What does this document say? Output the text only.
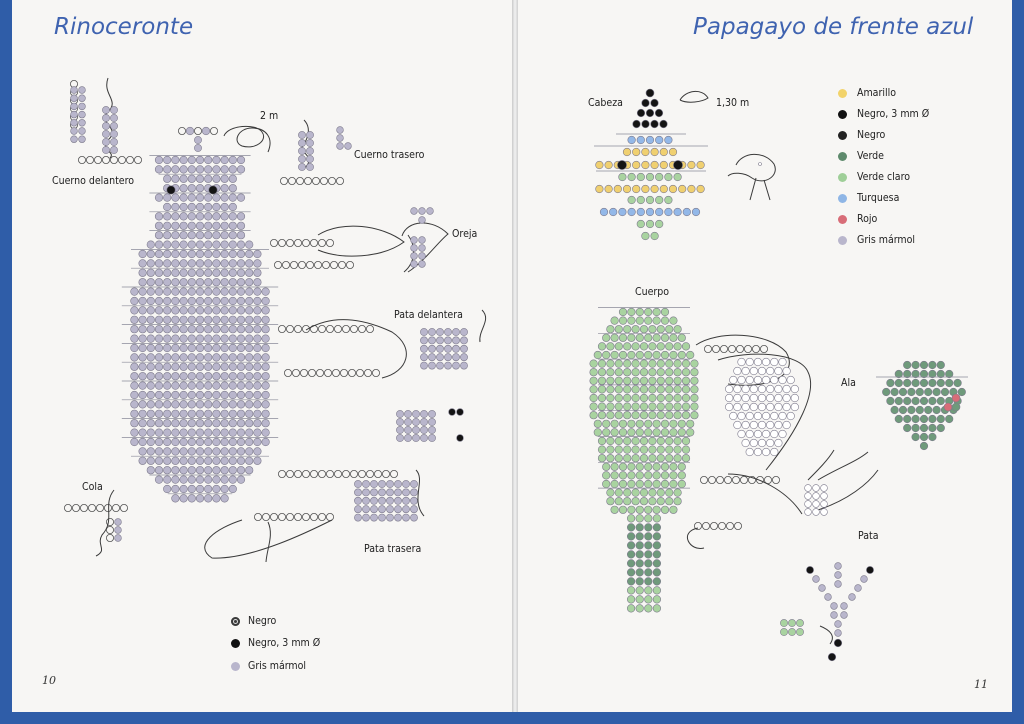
Rinoceronte
2 m
Cuerno delantero
Cuerno trasero
Oreja
Pata delantera
Cola
Pata trasera
Negro
Negro, 3 mm Ø
Gris mármol
10
Papagayo de frente azul
Cabeza	1,30 m
Cuerpo
Ala
Pata
Amarillo
Negro, 3 mm Ø
Negro
Verde
Verde claro
Turquesa
Rojo
Gris mármol
11
